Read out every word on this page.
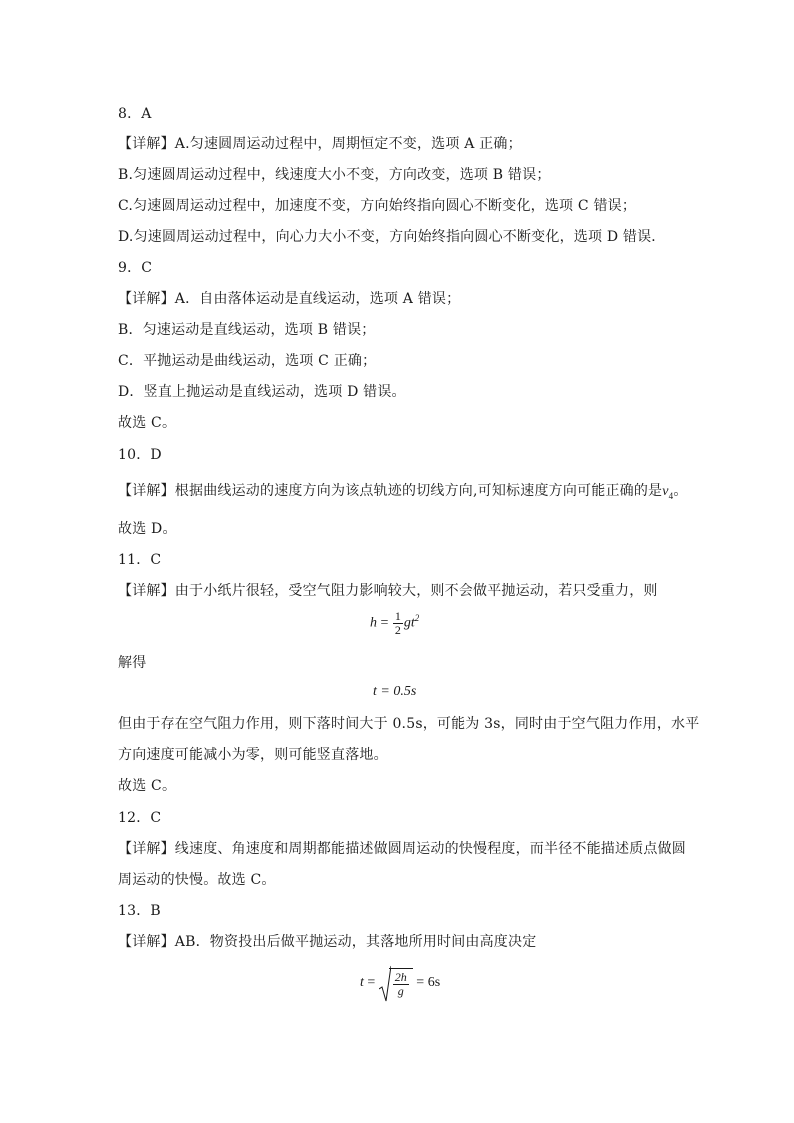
8．A
【详解】A.匀速圆周运动过程中，周期恒定不变，选项 A 正确；
B.匀速圆周运动过程中，线速度大小不变，方向改变，选项 B 错误；
C.匀速圆周运动过程中，加速度不变，方向始终指向圆心不断变化，选项 C 错误；
D.匀速圆周运动过程中，向心力大小不变，方向始终指向圆心不断变化，选项 D 错误．
9．C
【详解】A．自由落体运动是直线运动，选项 A 错误；
B．匀速运动是直线运动，选项 B 错误；
C．平抛运动是曲线运动，选项 C 正确；
D．竖直上抛运动是直线运动，选项 D 错误。
故选 C。
10．D
【详解】根据曲线运动的速度方向为该点轨迹的切线方向,可知标速度方向可能正确的是$v_4$。
故选 D。
11．C
【详解】由于小纸片很轻，受空气阻力影响较大，则不会做平抛运动，若只受重力，则
$h = \frac{1}{2} gt^2$
解得
t = 0.5s
但由于存在空气阻力作用，则下落时间大于 0.5s，可能为 3s，同时由于空气阻力作用，水平
方向速度可能减小为零，则可能竖直落地。
故选 C。
12．C
【详解】线速度、角速度和周期都能描述做圆周运动的快慢程度，而半径不能描述质点做圆
周运动的快慢。故选 C。
13．B
【详解】AB．物资投出后做平抛运动，其落地所用时间由高度决定
$t = \frac{2h}{g} = 6s$
